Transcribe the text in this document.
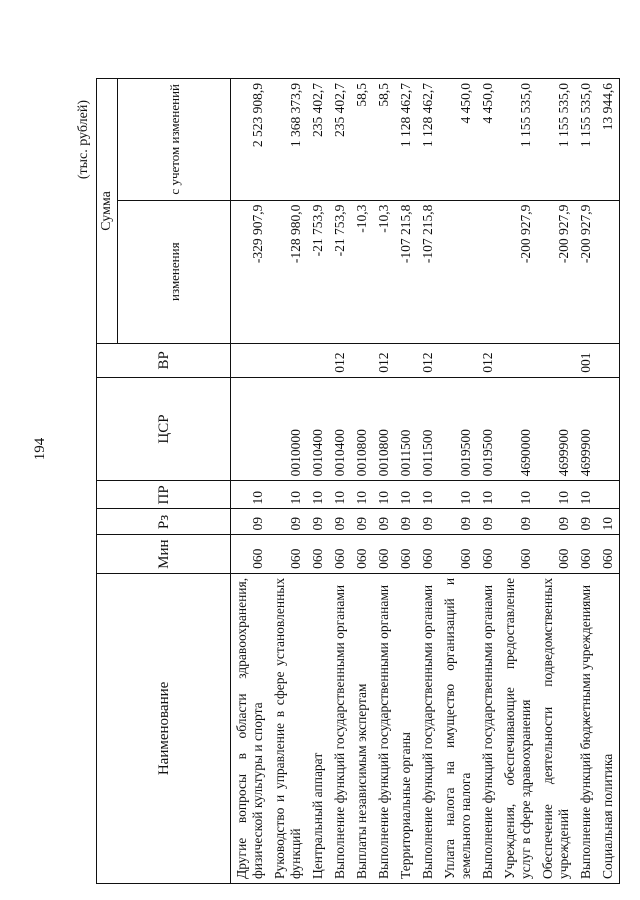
194
(тыс. рублей)
Наименование	Мин	Рз	ПР	ЦСР	ВР	Сумма	
						изменения	с учетом изменений
Другие вопросы в области здравоохранения, физической культуры и спорта	060	09	10			-329 907,9	2 523 908,9
Руководство и управление в сфере установленных функций	060	09	10	0010000		-128 980,0	1 368 373,9
Центральный аппарат	060	09	10	0010400		-21 753,9	235 402,7
Выполнение функций государственными органами	060	09	10	0010400	012	-21 753,9	235 402,7
Выплаты независимым экспертам	060	09	10	0010800		-10,3	58,5
Выполнение функций государственными органами	060	09	10	0010800	012	-10,3	58,5
Территориальные органы	060	09	10	0011500		-107 215,8	1 128 462,7
Выполнение функций государственными органами	060	09	10	0011500	012	-107 215,8	1 128 462,7
Уплата налога на имущество организаций и земельного налога	060	09	10	0019500			4 450,0
Выполнение функций государственными органами	060	09	10	0019500	012		4 450,0
Учреждения, обеспечивающие предоставление услуг в сфере здравоохранения	060	09	10	4690000		-200 927,9	1 155 535,0
Обеспечение деятельности подведомственных учреждений	060	09	10	4699900		-200 927,9	1 155 535,0
Выполнение функций бюджетными учреждениями	060	09	10	4699900	001	-200 927,9	1 155 535,0
Социальная политика	060	10					13 944,6
